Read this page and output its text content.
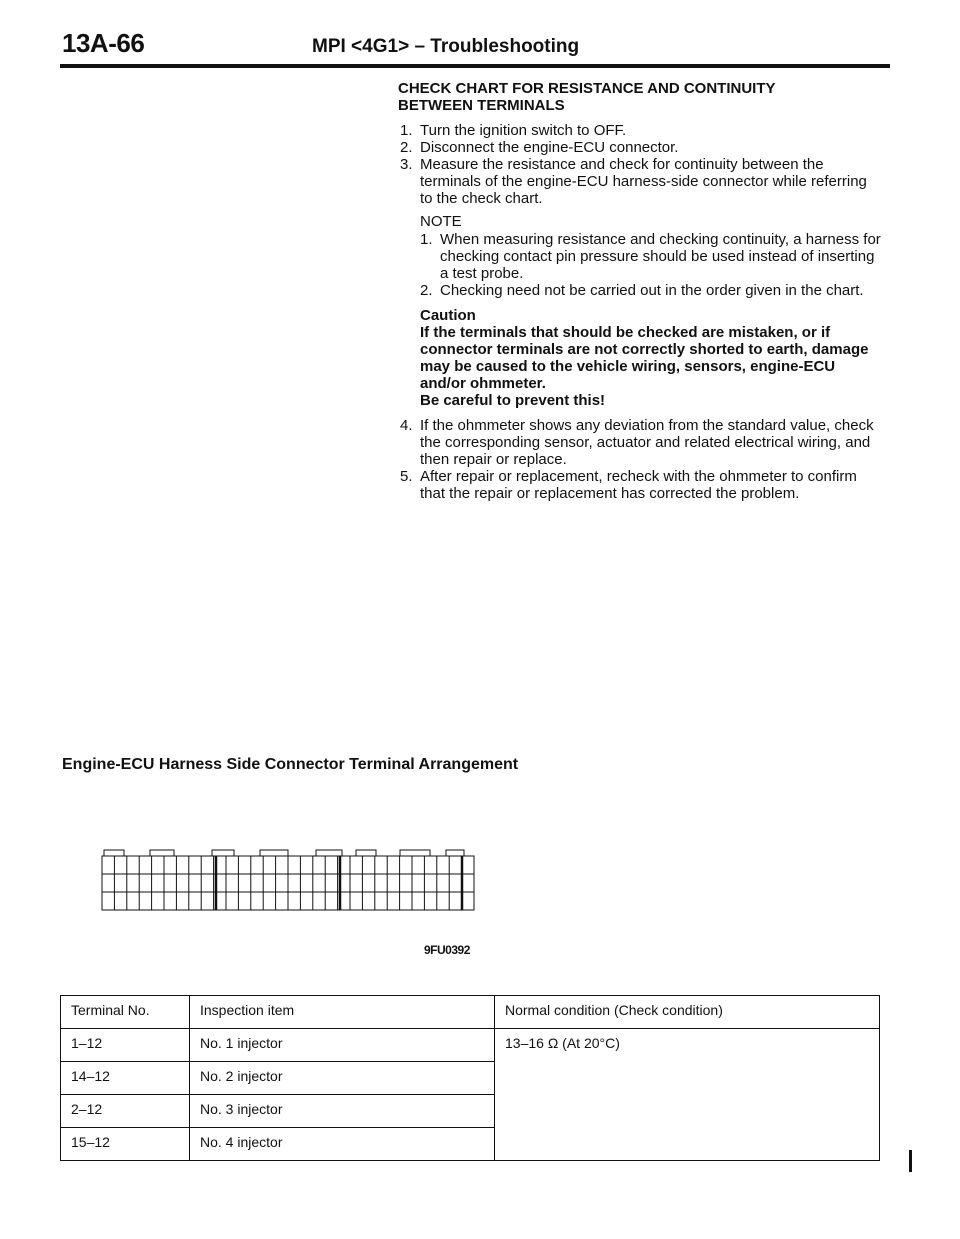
13A-66	MPI <4G1> – Troubleshooting
CHECK CHART FOR RESISTANCE AND CONTINUITY
BETWEEN TERMINALS
1. Turn the ignition switch to OFF.
2. Disconnect the engine-ECU connector.
3. Measure the resistance and check for continuity between the terminals of the engine-ECU harness-side connector while referring to the check chart.
NOTE
1. When measuring resistance and checking continuity, a harness for checking contact pin pressure should be used instead of inserting a test probe.
2. Checking need not be carried out in the order given in the chart.
Caution
If the terminals that should be checked are mistaken, or if connector terminals are not correctly shorted to earth, damage may be caused to the vehicle wiring, sensors, engine-ECU and/or ohmmeter.
Be careful to prevent this!
4. If the ohmmeter shows any deviation from the standard value, check the corresponding sensor, actuator and related electrical wiring, and then repair or replace.
5. After repair or replacement, recheck with the ohmmeter to confirm that the repair or replacement has corrected the problem.
Engine-ECU Harness Side Connector Terminal Arrangement
9FU0392
Terminal No.	Inspection item	Normal condition (Check condition)
1–12	No. 1 injector	13–16 Ω (At 20°C)
14–12	No. 2 injector	
2–12	No. 3 injector	
15–12	No. 4 injector	
